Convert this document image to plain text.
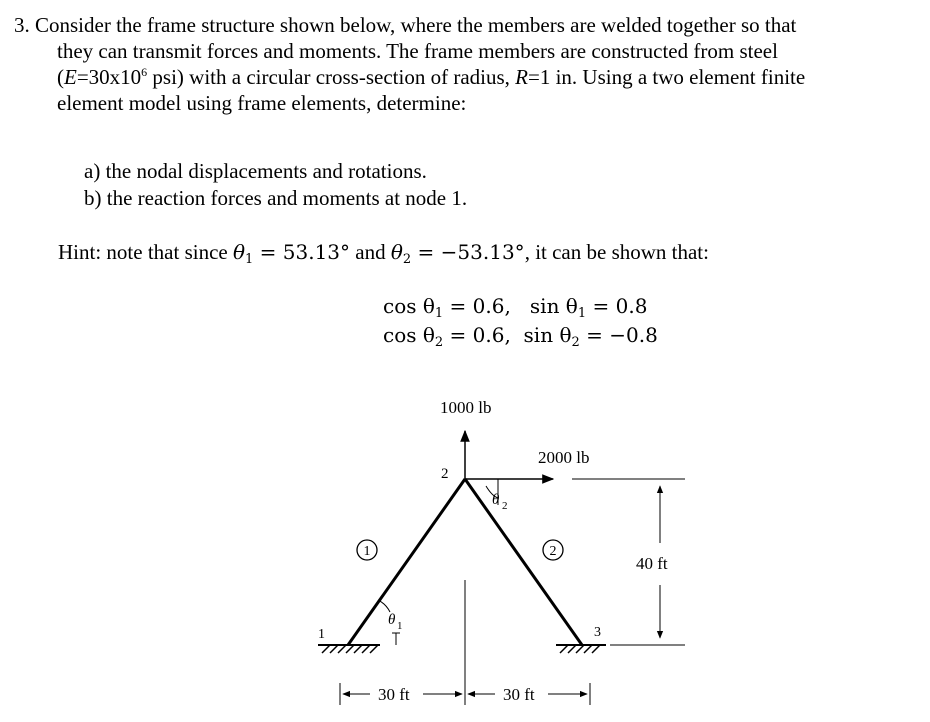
3. Consider the frame structure shown below, where the members are welded together so that
they can transmit forces and moments. The frame members are constructed from steel
($E=30x10^6$ psi) with a circular cross-section of radius, R=1 in. Using a two element finite
element model using frame elements, determine:
a) the nodal displacements and rotations.
b) the reaction forces and moments at node 1.
Hint: note that since $\theta_1 = 53.13^\circ$ and $\theta_2 = -53.13^\circ$, it can be shown that:
$\cos \theta_1 = 0.6$, $\sin \theta_1 = 0.8$
$\cos \theta_2 = 0.6$, $\sin \theta_2 = -0.8$
1
2
3
1	2
1000 lb
2000 lb
θ 2
θ 1
40 ft
30 ft	30 ft
